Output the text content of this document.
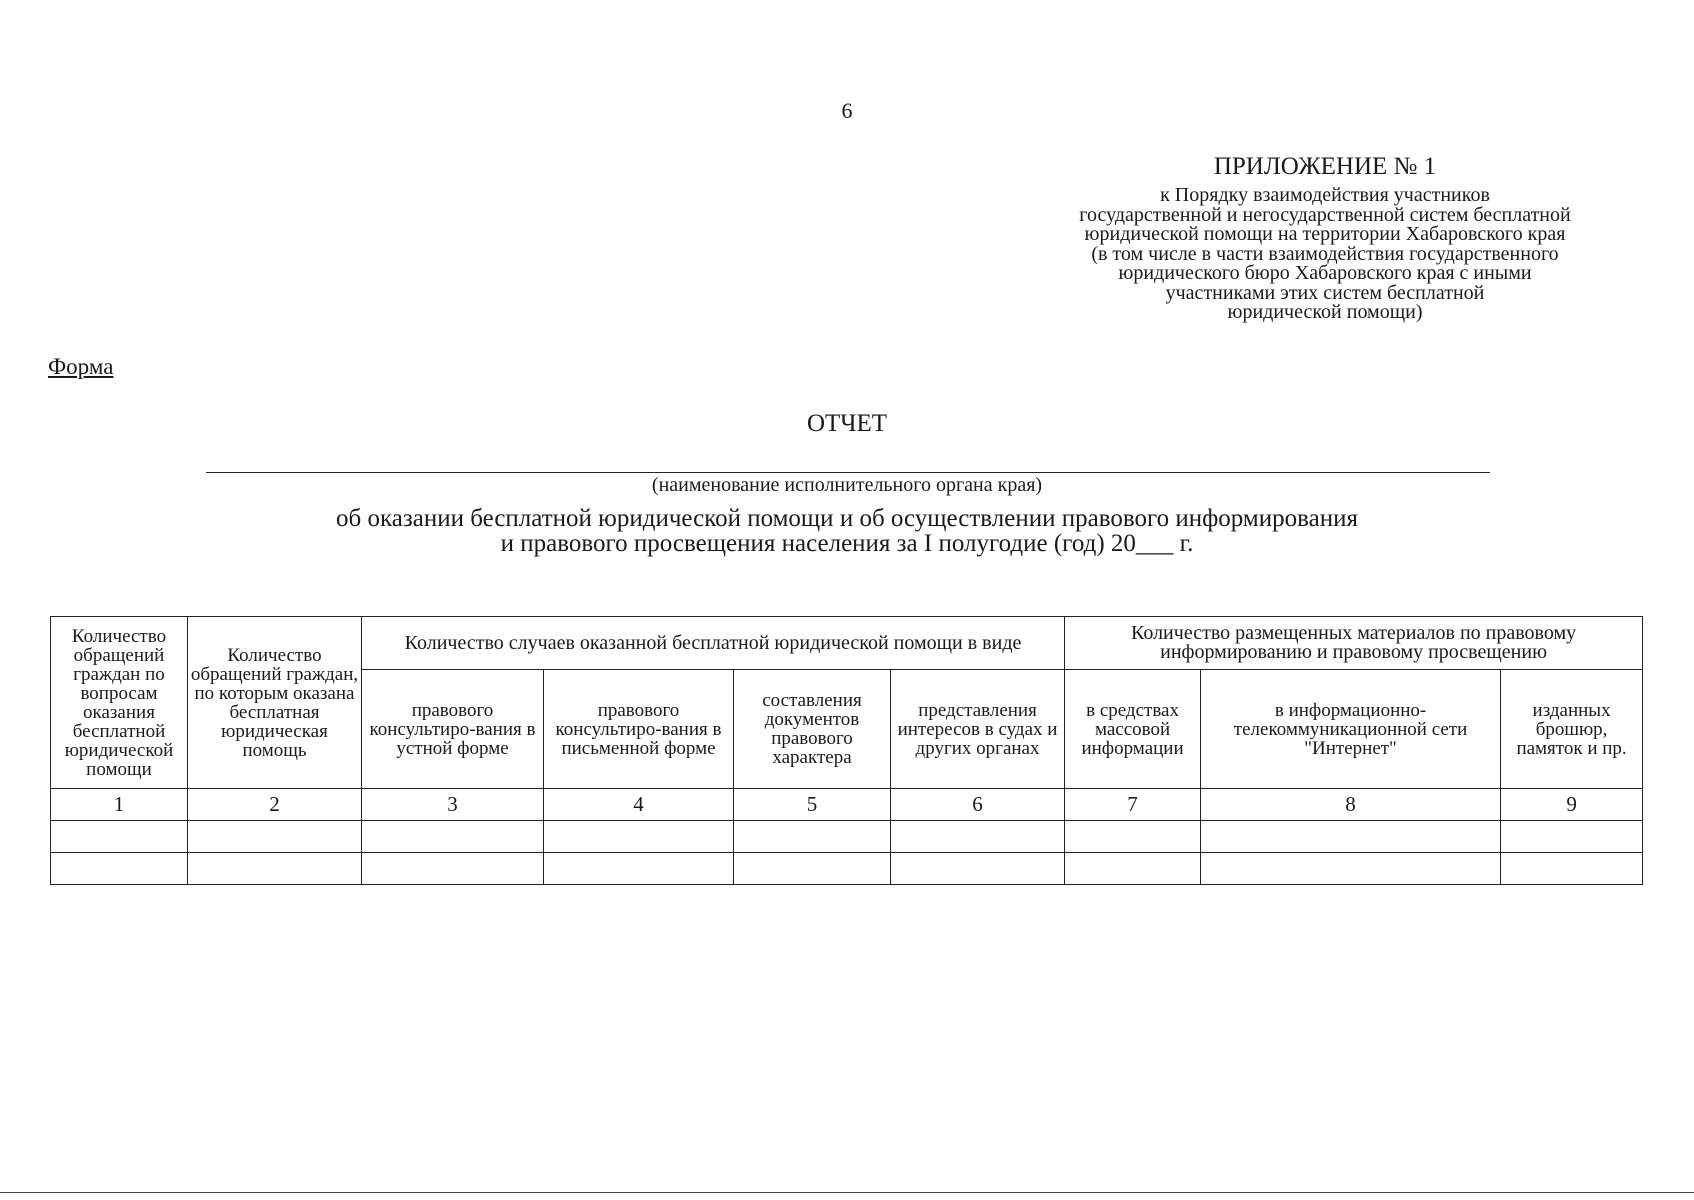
6
ПРИЛОЖЕНИЕ № 1
к Порядку взаимодействия участников
государственной и негосударственной систем бесплатной
юридической помощи на территории Хабаровского края
(в том числе в части взаимодействия государственного
юридического бюро Хабаровского края с иными
участниками этих систем бесплатной
юридической помощи)
Форма
ОТЧЕТ
(наименование исполнительного органа края)
об оказании бесплатной юридической помощи и об осуществлении правового информирования
и правового просвещения населения за I полугодие (год) 20___ г.
Количество обращений граждан по вопросам оказания бесплатной юридической помощи	Количество обращений граждан, по которым оказана бесплатная юридическая помощь	Количество случаев оказанной бесплатной юридической помощи в виде				Количество размещенных материалов по правовому информированию и правовому просвещению		
		правового консультиро-вания в устной форме	правового консультиро-вания в письменной форме	составления документов правового характера	представления интересов в судах и других органах	в средствах массовой информации	в информационно-телекоммуникационной сети "Интернет"	изданных брошюр, памяток и пр.
1	2	3	4	5	6	7	8	9
